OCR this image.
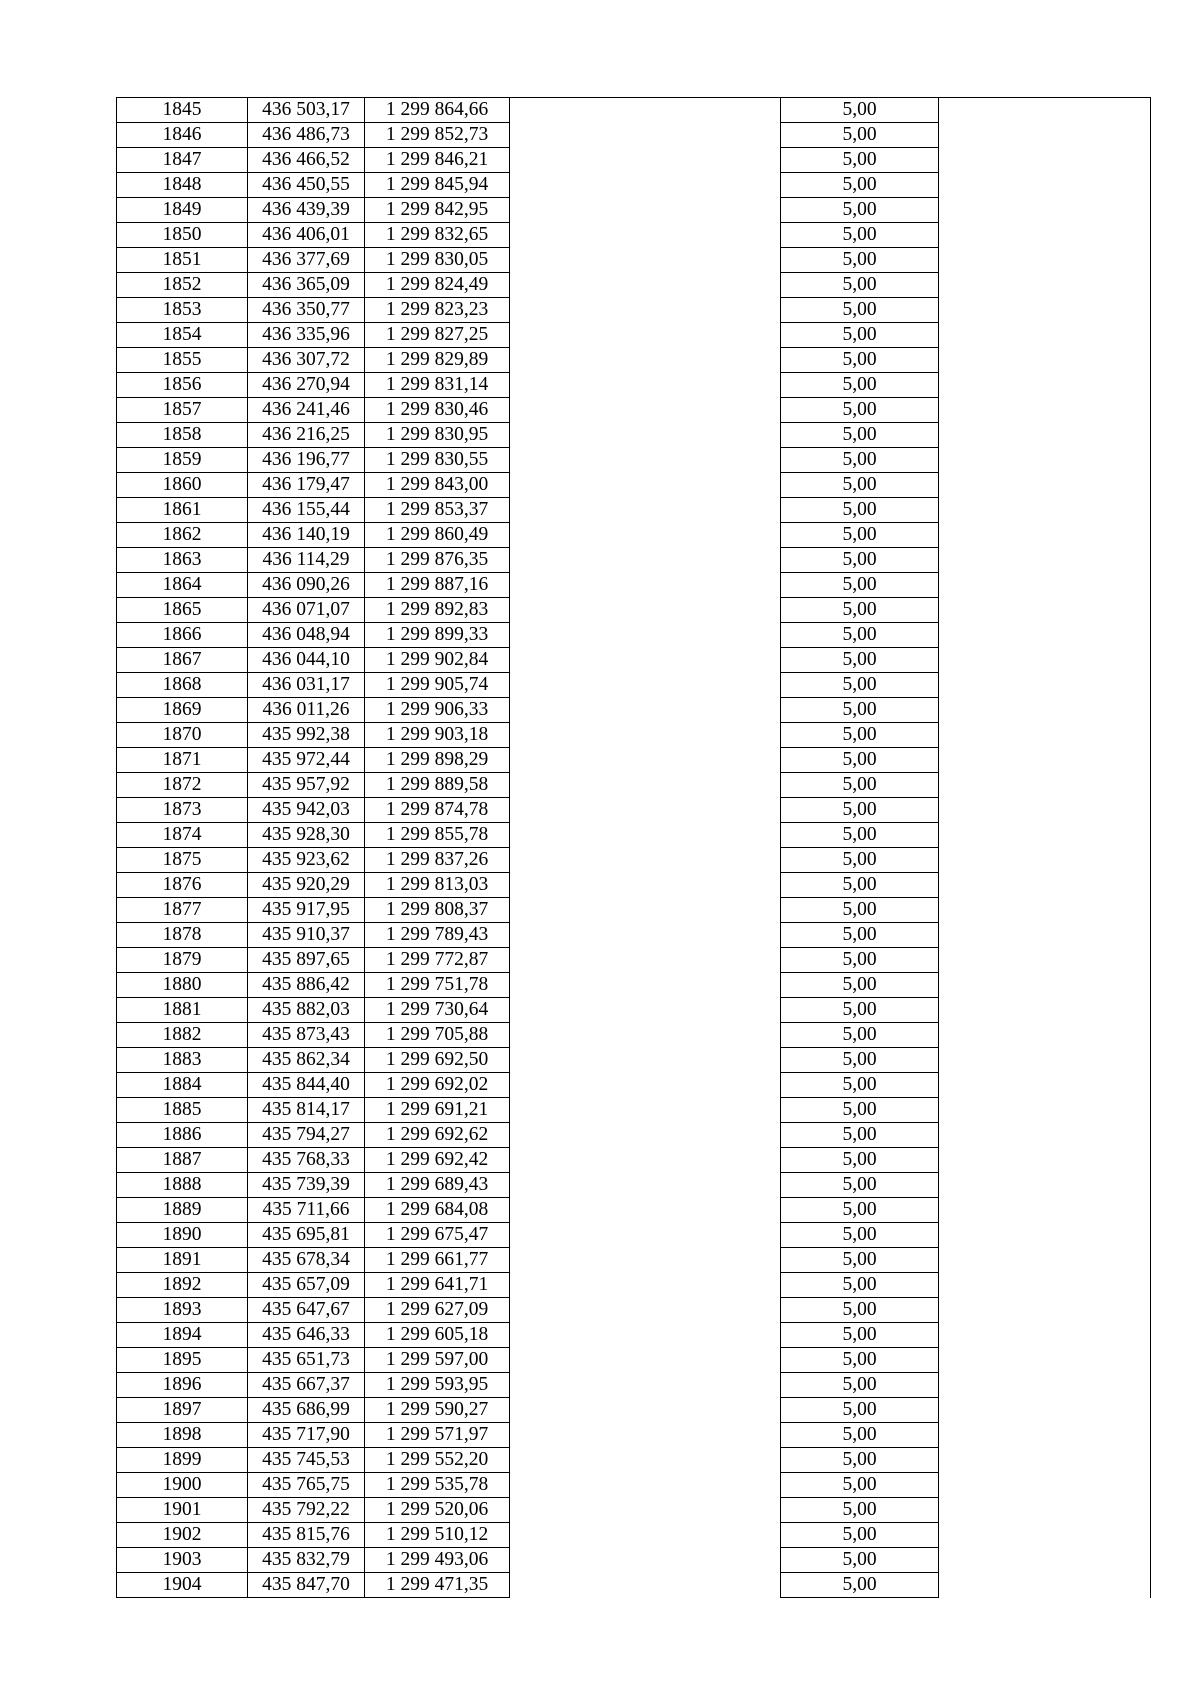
1845	436 503,17	1 299 864,66		5,00	
1846	436 486,73	1 299 852,73		5,00	
1847	436 466,52	1 299 846,21		5,00	
1848	436 450,55	1 299 845,94		5,00	
1849	436 439,39	1 299 842,95		5,00	
1850	436 406,01	1 299 832,65		5,00	
1851	436 377,69	1 299 830,05		5,00	
1852	436 365,09	1 299 824,49		5,00	
1853	436 350,77	1 299 823,23		5,00	
1854	436 335,96	1 299 827,25		5,00	
1855	436 307,72	1 299 829,89		5,00	
1856	436 270,94	1 299 831,14		5,00	
1857	436 241,46	1 299 830,46		5,00	
1858	436 216,25	1 299 830,95		5,00	
1859	436 196,77	1 299 830,55		5,00	
1860	436 179,47	1 299 843,00		5,00	
1861	436 155,44	1 299 853,37		5,00	
1862	436 140,19	1 299 860,49		5,00	
1863	436 114,29	1 299 876,35		5,00	
1864	436 090,26	1 299 887,16		5,00	
1865	436 071,07	1 299 892,83		5,00	
1866	436 048,94	1 299 899,33		5,00	
1867	436 044,10	1 299 902,84		5,00	
1868	436 031,17	1 299 905,74		5,00	
1869	436 011,26	1 299 906,33		5,00	
1870	435 992,38	1 299 903,18		5,00	
1871	435 972,44	1 299 898,29		5,00	
1872	435 957,92	1 299 889,58		5,00	
1873	435 942,03	1 299 874,78		5,00	
1874	435 928,30	1 299 855,78		5,00	
1875	435 923,62	1 299 837,26		5,00	
1876	435 920,29	1 299 813,03		5,00	
1877	435 917,95	1 299 808,37		5,00	
1878	435 910,37	1 299 789,43		5,00	
1879	435 897,65	1 299 772,87		5,00	
1880	435 886,42	1 299 751,78		5,00	
1881	435 882,03	1 299 730,64		5,00	
1882	435 873,43	1 299 705,88		5,00	
1883	435 862,34	1 299 692,50		5,00	
1884	435 844,40	1 299 692,02		5,00	
1885	435 814,17	1 299 691,21		5,00	
1886	435 794,27	1 299 692,62		5,00	
1887	435 768,33	1 299 692,42		5,00	
1888	435 739,39	1 299 689,43		5,00	
1889	435 711,66	1 299 684,08		5,00	
1890	435 695,81	1 299 675,47		5,00	
1891	435 678,34	1 299 661,77		5,00	
1892	435 657,09	1 299 641,71		5,00	
1893	435 647,67	1 299 627,09		5,00	
1894	435 646,33	1 299 605,18		5,00	
1895	435 651,73	1 299 597,00		5,00	
1896	435 667,37	1 299 593,95		5,00	
1897	435 686,99	1 299 590,27		5,00	
1898	435 717,90	1 299 571,97		5,00	
1899	435 745,53	1 299 552,20		5,00	
1900	435 765,75	1 299 535,78		5,00	
1901	435 792,22	1 299 520,06		5,00	
1902	435 815,76	1 299 510,12		5,00	
1903	435 832,79	1 299 493,06		5,00	
1904	435 847,70	1 299 471,35		5,00	
